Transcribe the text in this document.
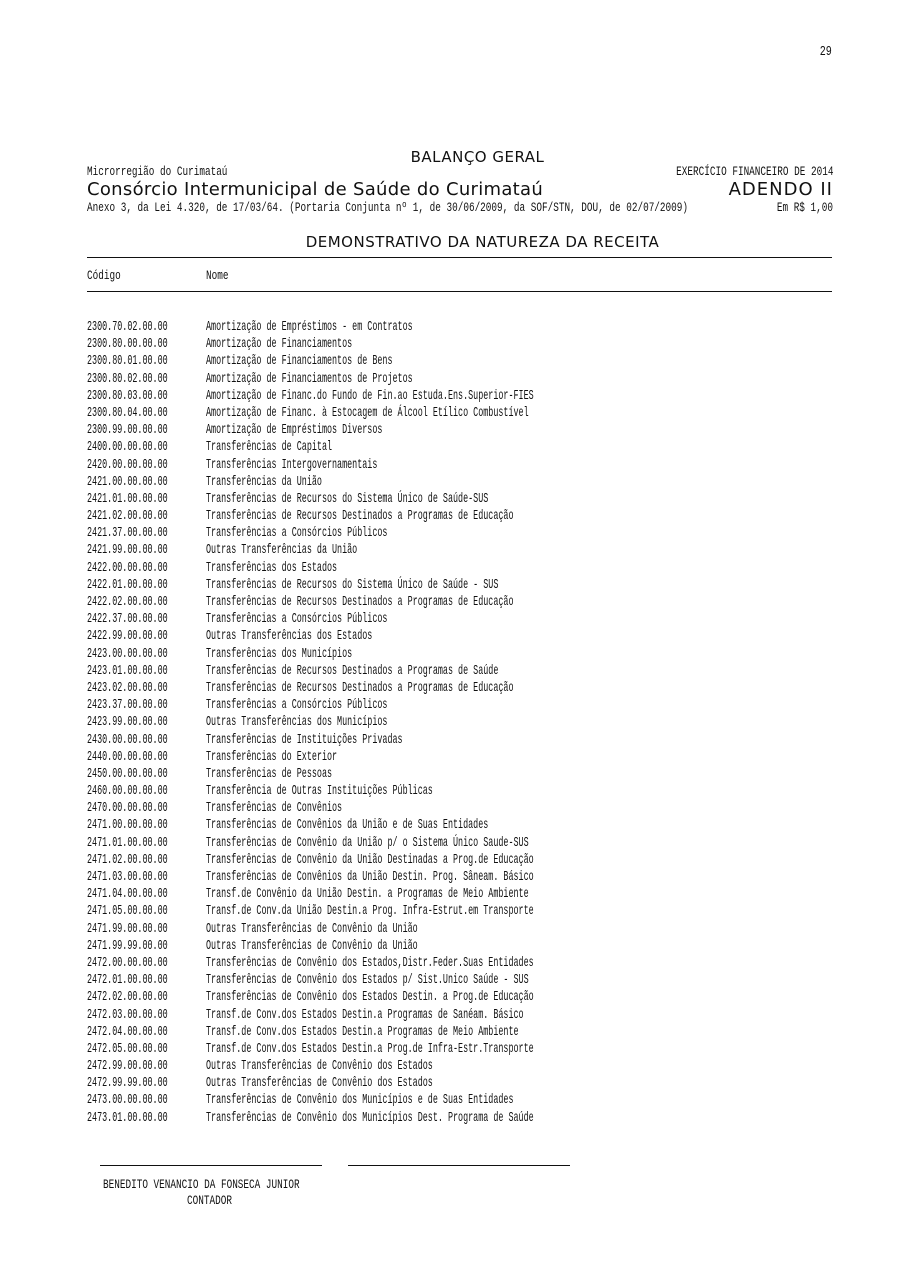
29
BALANÇO GERAL
Microrregião do Curimataú	EXERCÍCIO FINANCEIRO DE 2014
Consórcio Intermunicipal de Saúde do Curimataú	ADENDO II
Anexo 3, da Lei 4.320, de 17/03/64. (Portaria Conjunta nº 1, de 30/06/2009, da SOF/STN, DOU, de 02/07/2009)	Em R$ 1,00
DEMONSTRATIVO DA NATUREZA DA RECEITA
Código	Nome
2300.70.02.00.00	Amortização de Empréstimos - em Contratos
2300.80.00.00.00	Amortização de Financiamentos
2300.80.01.00.00	Amortização de Financiamentos de Bens
2300.80.02.00.00	Amortização de Financiamentos de Projetos
2300.80.03.00.00	Amortização de Financ.do Fundo de Fin.ao Estuda.Ens.Superior-FIES
2300.80.04.00.00	Amortização de Financ. à Estocagem de Álcool Etílico Combustível
2300.99.00.00.00	Amortização de Empréstimos Diversos
2400.00.00.00.00	Transferências de Capital
2420.00.00.00.00	Transferências Intergovernamentais
2421.00.00.00.00	Transferências da União
2421.01.00.00.00	Transferências de Recursos do Sistema Único de Saúde-SUS
2421.02.00.00.00	Transferências de Recursos Destinados a Programas de Educação
2421.37.00.00.00	Transferências a Consórcios Públicos
2421.99.00.00.00	Outras Transferências da União
2422.00.00.00.00	Transferências dos Estados
2422.01.00.00.00	Transferências de Recursos do Sistema Único de Saúde - SUS
2422.02.00.00.00	Transferências de Recursos Destinados a Programas de Educação
2422.37.00.00.00	Transferências a Consórcios Públicos
2422.99.00.00.00	Outras Transferências dos Estados
2423.00.00.00.00	Transferências dos Municípios
2423.01.00.00.00	Transferências de Recursos Destinados a Programas de Saúde
2423.02.00.00.00	Transferências de Recursos Destinados a Programas de Educação
2423.37.00.00.00	Transferências a Consórcios Públicos
2423.99.00.00.00	Outras Transferências dos Municípios
2430.00.00.00.00	Transferências de Instituições Privadas
2440.00.00.00.00	Transferências do Exterior
2450.00.00.00.00	Transferências de Pessoas
2460.00.00.00.00	Transferência de Outras Instituições Públicas
2470.00.00.00.00	Transferências de Convênios
2471.00.00.00.00	Transferências de Convênios da União e de Suas Entidades
2471.01.00.00.00	Transferências de Convênio da União p/ o Sistema Único Saude-SUS
2471.02.00.00.00	Transferências de Convênio da União Destinadas a Prog.de Educação
2471.03.00.00.00	Transferências de Convênios da União Destin. Prog. Sâneam. Básico
2471.04.00.00.00	Transf.de Convênio da União Destin. a Programas de Meio Ambiente
2471.05.00.00.00	Transf.de Conv.da União Destin.a Prog. Infra-Estrut.em Transporte
2471.99.00.00.00	Outras Transferências de Convênio da União
2471.99.99.00.00	Outras Transferências de Convênio da União
2472.00.00.00.00	Transferências de Convênio dos Estados,Distr.Feder.Suas Entidades
2472.01.00.00.00	Transferências de Convênio dos Estados p/ Sist.Unico Saúde - SUS
2472.02.00.00.00	Transferências de Convênio dos Estados Destin. a Prog.de Educação
2472.03.00.00.00	Transf.de Conv.dos Estados Destin.a Programas de Sanéam. Básico
2472.04.00.00.00	Transf.de Conv.dos Estados Destin.a Programas de Meio Ambiente
2472.05.00.00.00	Transf.de Conv.dos Estados Destin.a Prog.de Infra-Estr.Transporte
2472.99.00.00.00	Outras Transferências de Convênio dos Estados
2472.99.99.00.00	Outras Transferências de Convênio dos Estados
2473.00.00.00.00	Transferências de Convênio dos Municípios e de Suas Entidades
2473.01.00.00.00	Transferências de Convênio dos Municípios Dest. Programa de Saúde
BENEDITO VENANCIO DA FONSECA JUNIOR
CONTADOR
